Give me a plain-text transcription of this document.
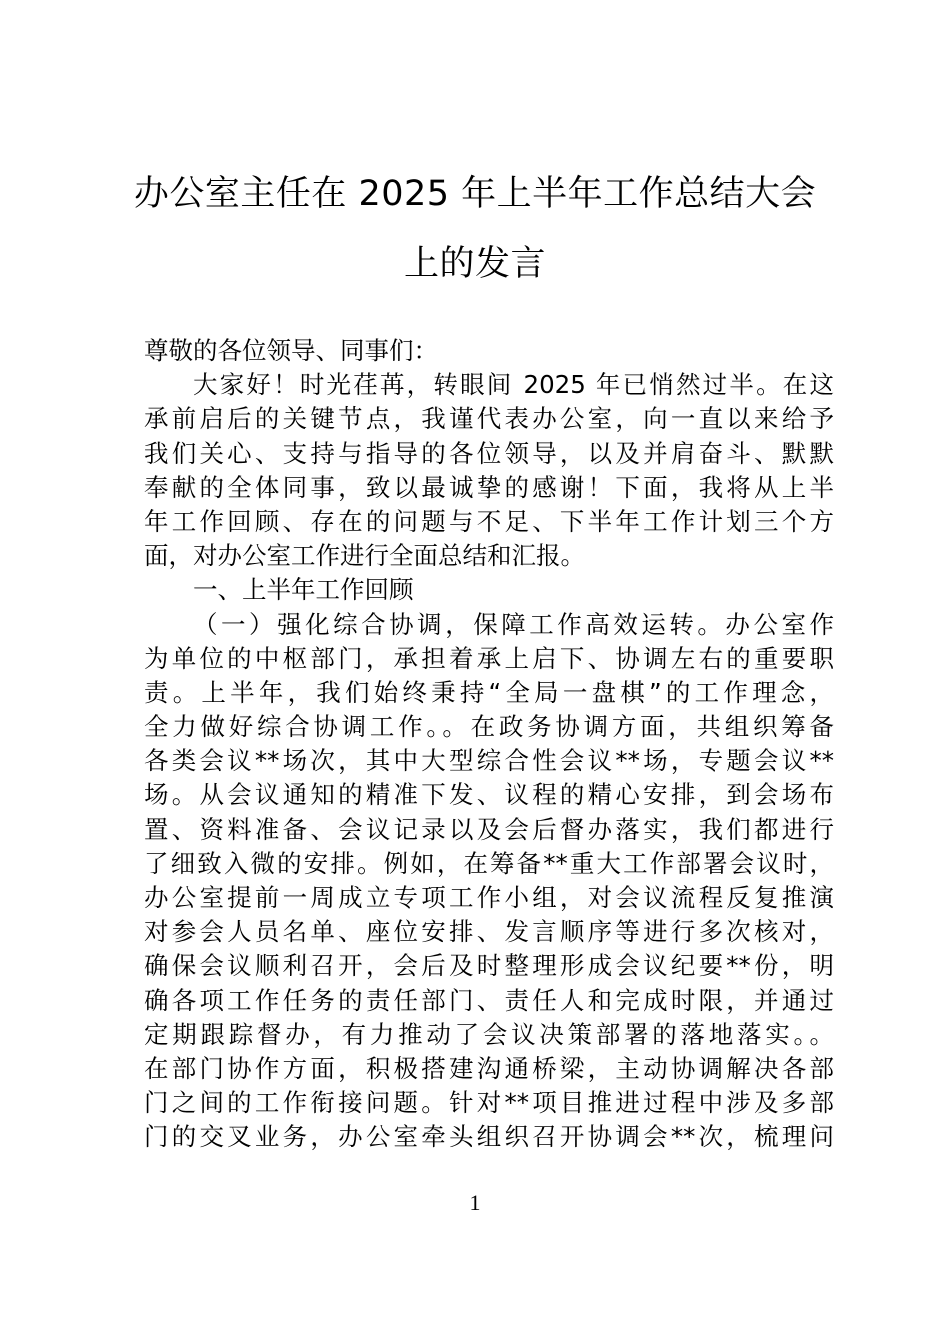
办公室主任在 2025 年上半年工作总结大会
上的发言
尊敬的各位领导、同事们：
大家好！时光荏苒，转眼间 2025 年已悄然过半。在这
承前启后的关键节点，我谨代表办公室，向一直以来给予
我们关心、支持与指导的各位领导，以及并肩奋斗、默默
奉献的全体同事，致以最诚挚的感谢！下面，我将从上半
年工作回顾、存在的问题与不足、下半年工作计划三个方
面，对办公室工作进行全面总结和汇报。
一、上半年工作回顾
（一）强化综合协调，保障工作高效运转。办公室作
为单位的中枢部门，承担着承上启下、协调左右的重要职
责。上半年，我们始终秉持“全局一盘棋”的工作理念，
全力做好综合协调工作。。在政务协调方面，共组织筹备
各类会议**场次，其中大型综合性会议**场，专题会议**
场。从会议通知的精准下发、议程的精心安排，到会场布
置、资料准备、会议记录以及会后督办落实，我们都进行
了细致入微的安排。例如，在筹备**重大工作部署会议时，
办公室提前一周成立专项工作小组，对会议流程反复推演
对参会人员名单、座位安排、发言顺序等进行多次核对，
确保会议顺利召开，会后及时整理形成会议纪要**份，明
确各项工作任务的责任部门、责任人和完成时限，并通过
定期跟踪督办，有力推动了会议决策部署的落地落实。。
在部门协作方面，积极搭建沟通桥梁，主动协调解决各部
门之间的工作衔接问题。针对**项目推进过程中涉及多部
门的交叉业务，办公室牵头组织召开协调会**次，梳理问
1
